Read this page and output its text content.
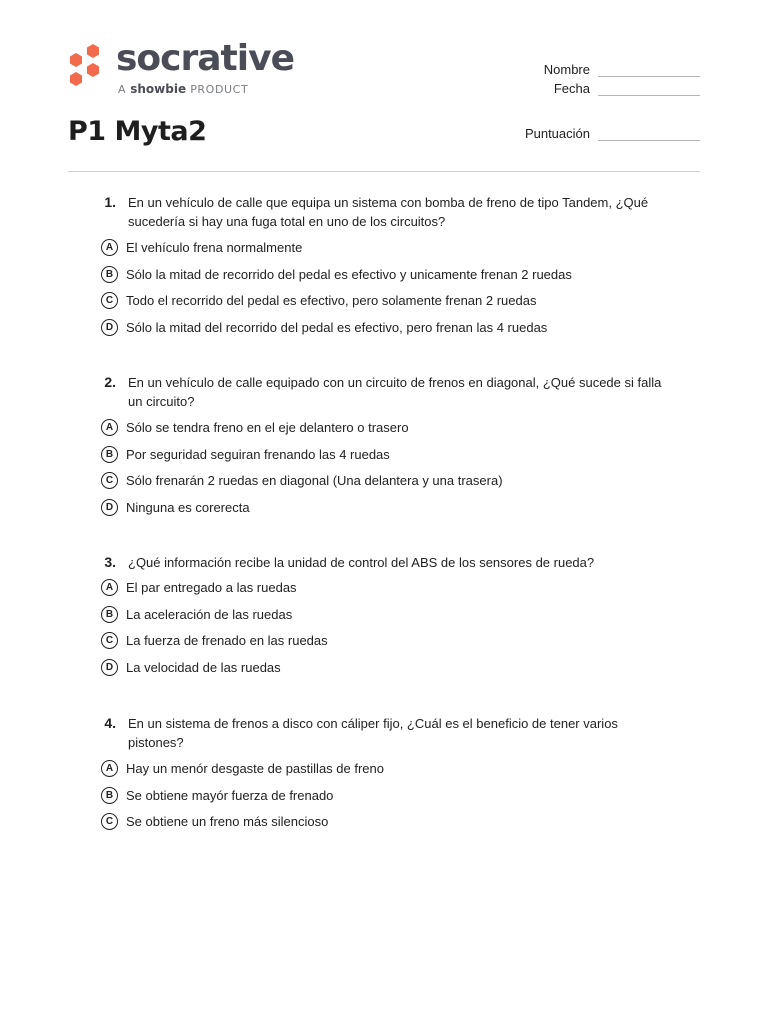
socrative
A showbie PRODUCT
Nombre
Fecha
Puntuación
P1 Myta2
1. En un vehículo de calle que equipa un sistema con bomba de freno de tipo Tandem, ¿Qué sucedería si hay una fuga total en uno de los circuitos?
A El vehículo frena normalmente
B Sólo la mitad de recorrido del pedal es efectivo y unicamente frenan 2 ruedas
C Todo el recorrido del pedal es efectivo, pero solamente frenan 2 ruedas
D Sólo la mitad del recorrido del pedal es efectivo, pero frenan las 4 ruedas
2. En un vehículo de calle equipado con un circuito de frenos en diagonal, ¿Qué sucede si falla un circuito?
A Sólo se tendra freno en el eje delantero o trasero
B Por seguridad seguiran frenando las 4 ruedas
C Sólo frenarán 2 ruedas en diagonal (Una delantera y una trasera)
D Ninguna es corerecta
3. ¿Qué información recibe la unidad de control del ABS de los sensores de rueda?
A El par entregado a las ruedas
B La aceleración de las ruedas
C La fuerza de frenado en las ruedas
D La velocidad de las ruedas
4. En un sistema de frenos a disco con cáliper fijo, ¿Cuál es el beneficio de tener varios pistones?
A Hay un menór desgaste de pastillas de freno
B Se obtiene mayór fuerza de frenado
C Se obtiene un freno más silencioso
